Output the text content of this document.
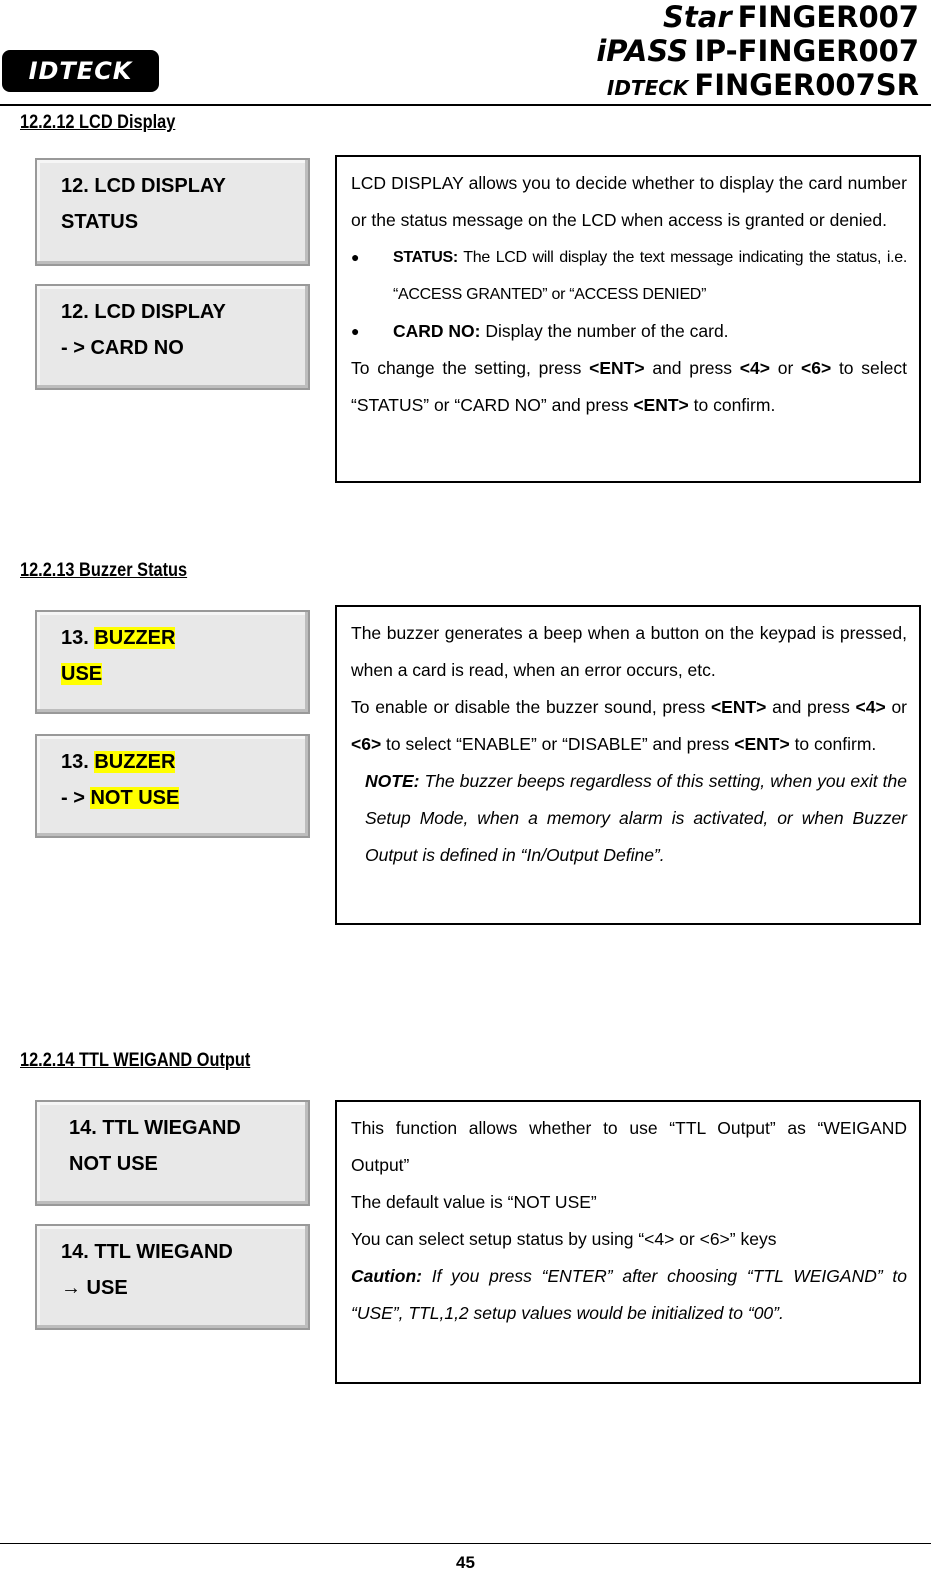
IDTECK
Star FINGER007
iPASS IP-FINGER007
IDTECK FINGER007SR
12.2.12 LCD Display
12. LCD DISPLAY
STATUS
12. LCD DISPLAY
- > CARD NO

LCD DISPLAY allows you to decide whether to display the card number or the status message on the LCD when access is granted or denied.

● STATUS: The LCD will display the text message indicating the status, i.e. “ACCESS GRANTED” or “ACCESS DENIED”

● CARD NO: Display the number of the card.

To change the setting, press <ENT> and press <4> or <6> to select “STATUS” or “CARD NO” and press <ENT> to confirm.

12.2.13 Buzzer Status
13. BUZZER
USE
13. BUZZER
- > NOT USE

The buzzer generates a beep when a button on the keypad is pressed, when a card is read, when an error occurs, etc.

To enable or disable the buzzer sound, press <ENT> and press <4> or <6> to select “ENABLE” or “DISABLE” and press <ENT> to confirm.

NOTE: The buzzer beeps regardless of this setting, when you exit the Setup Mode, when a memory alarm is activated, or when Buzzer Output is defined in “In/Output Define”.

12.2.14 TTL WEIGAND Output
14. TTL WIEGAND
NOT USE
14. TTL WIEGAND
→ USE

This function allows whether to use “TTL Output” as “WEIGAND Output”

The default value is “NOT USE”

You can select setup status by using “<4> or <6>” keys

Caution: If you press “ENTER” after choosing “TTL WEIGAND” to “USE”, TTL,1,2 setup values would be initialized to “00”.

45
